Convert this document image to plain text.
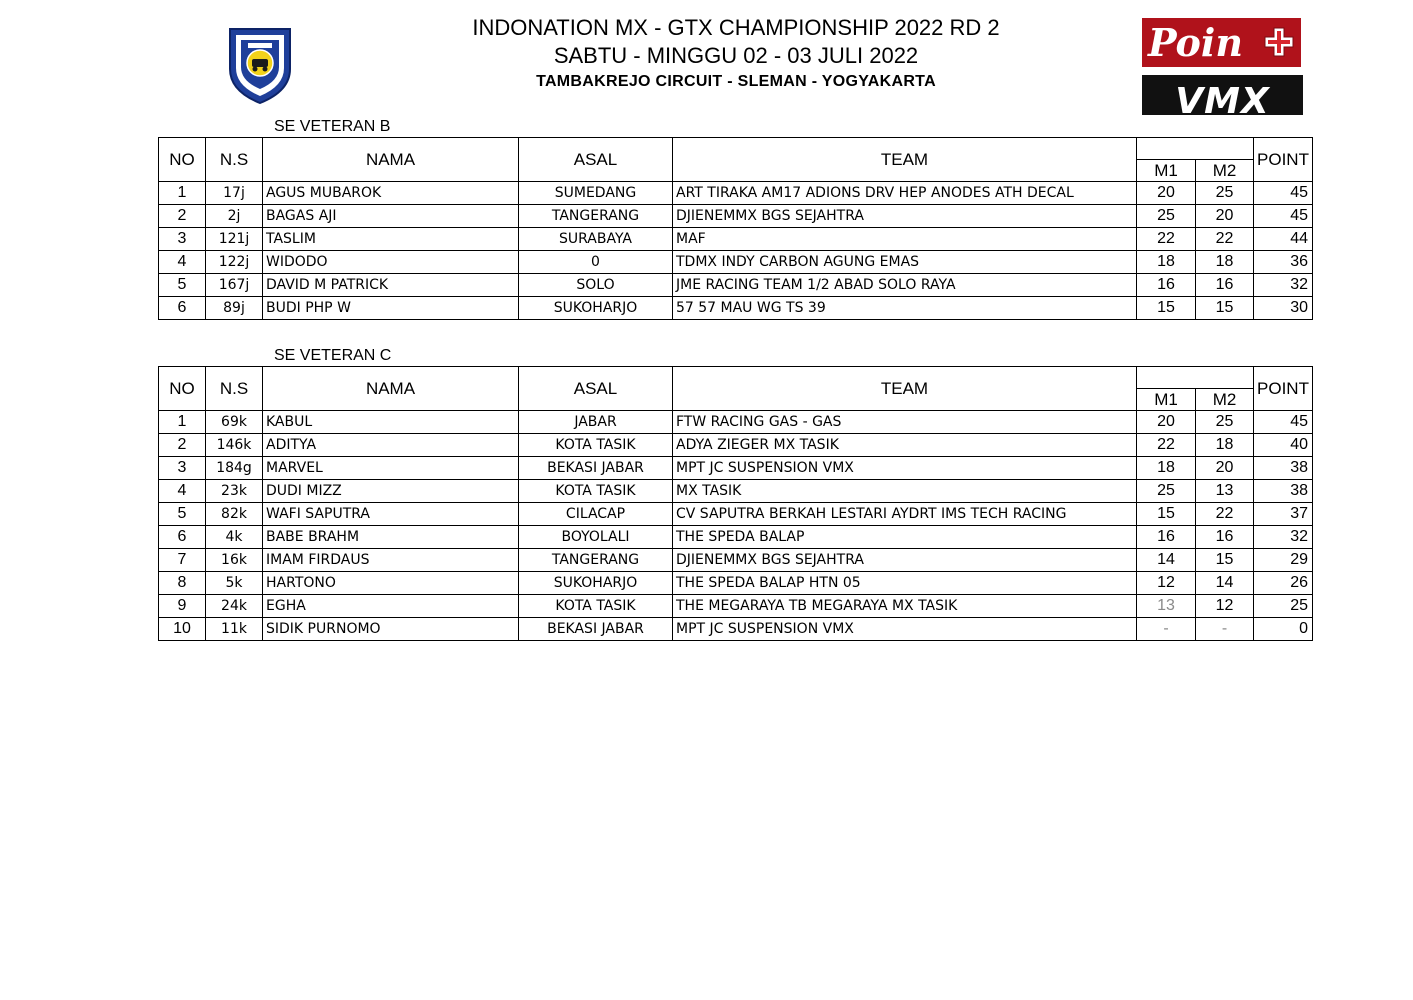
INDONATION MX - GTX CHAMPIONSHIP 2022 RD 2
SABTU - MINGGU 02 - 03 JULI 2022
TAMBAKREJO CIRCUIT - SLEMAN - YOGYAKARTA
Poin
VMX
SE VETERAN B
NO	N.S	NAMA	ASAL	TEAM			POINT
					M1	M2	
1	17j	AGUS MUBAROK	SUMEDANG	ART TIRAKA AM17 ADIONS DRV HEP ANODES ATH DECAL	20	25	45
2	2j	BAGAS AJI	TANGERANG	DJIENEMMX BGS SEJAHTRA	25	20	45
3	121j	TASLIM	SURABAYA	MAF	22	22	44
4	122j	WIDODO	0	TDMX INDY CARBON AGUNG EMAS	18	18	36
5	167j	DAVID M PATRICK	SOLO	JME RACING TEAM 1/2 ABAD SOLO RAYA	16	16	32
6	89j	BUDI PHP W	SUKOHARJO	57 57 MAU WG TS 39	15	15	30
SE VETERAN C
NO	N.S	NAMA	ASAL	TEAM			POINT
					M1	M2	
1	69k	KABUL	JABAR	FTW RACING GAS - GAS	20	25	45
2	146k	ADITYA	KOTA TASIK	ADYA ZIEGER MX TASIK	22	18	40
3	184g	MARVEL	BEKASI JABAR	MPT JC SUSPENSION VMX	18	20	38
4	23k	DUDI MIZZ	KOTA TASIK	MX TASIK	25	13	38
5	82k	WAFI SAPUTRA	CILACAP	CV SAPUTRA BERKAH LESTARI AYDRT IMS TECH RACING	15	22	37
6	4k	BABE BRAHM	BOYOLALI	THE SPEDA BALAP	16	16	32
7	16k	IMAM FIRDAUS	TANGERANG	DJIENEMMX BGS SEJAHTRA	14	15	29
8	5k	HARTONO	SUKOHARJO	THE SPEDA BALAP HTN 05	12	14	26
9	24k	EGHA	KOTA TASIK	THE MEGARAYA TB MEGARAYA MX TASIK	13	12	25
10	11k	SIDIK PURNOMO	BEKASI JABAR	MPT JC SUSPENSION VMX	-	-	0
